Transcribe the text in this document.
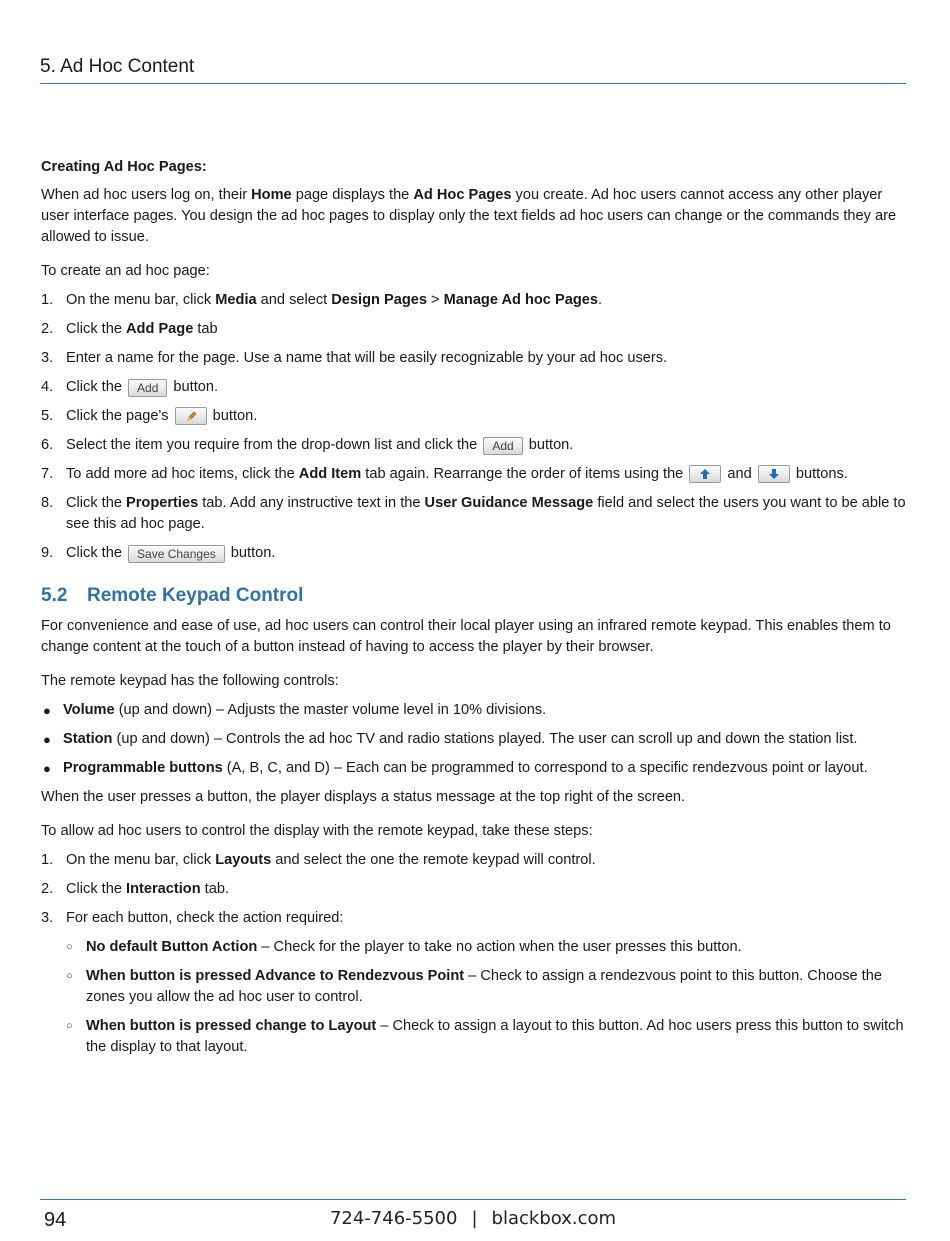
5. Ad Hoc Content

Creating Ad Hoc Pages:

When ad hoc users log on, their Home page displays the Ad Hoc Pages you create. Ad hoc users cannot access any other player user interface pages. You design the ad hoc pages to display only the text fields ad hoc users can change or the commands they are allowed to issue.

To create an ad hoc page:

1. On the menu bar, click Media and select Design Pages > Manage Ad hoc Pages.
2. Click the Add Page tab
3. Enter a name for the page. Use a name that will be easily recognizable by your ad hoc users.
4. Click the Add button.
5. Click the page's  button.
6. Select the item you require from the drop-down list and click the Add button.
7. To add more ad hoc items, click the Add Item tab again. Rearrange the order of items using the  and  buttons.
8. Click the Properties tab. Add any instructive text in the User Guidance Message field and select the users you want to be able to see this ad hoc page.
9. Click the Save Changes button.
5.2 Remote Keypad Control

For convenience and ease of use, ad hoc users can control their local player using an infrared remote keypad. This enables them to change content at the touch of a button instead of having to access the player by their browser.

The remote keypad has the following controls:

● Volume (up and down) – Adjusts the master volume level in 10% divisions.
● Station (up and down) – Controls the ad hoc TV and radio stations played. The user can scroll up and down the station list.
● Programmable buttons (A, B, C, and D) – Each can be programmed to correspond to a specific rendezvous point or layout.

When the user presses a button, the player displays a status message at the top right of the screen.

To allow ad hoc users to control the display with the remote keypad, take these steps:

1. On the menu bar, click Layouts and select the one the remote keypad will control.
2. Click the Interaction tab.
3. For each button, check the action required:
○ No default Button Action – Check for the player to take no action when the user presses this button.
○ When button is pressed Advance to Rendezvous Point – Check to assign a rendezvous point to this button. Choose the zones you allow the ad hoc user to control.
○ When button is pressed change to Layout – Check to assign a layout to this button. Ad hoc users press this button to switch the display to that layout.
94	724-746-5500 | blackbox.com
